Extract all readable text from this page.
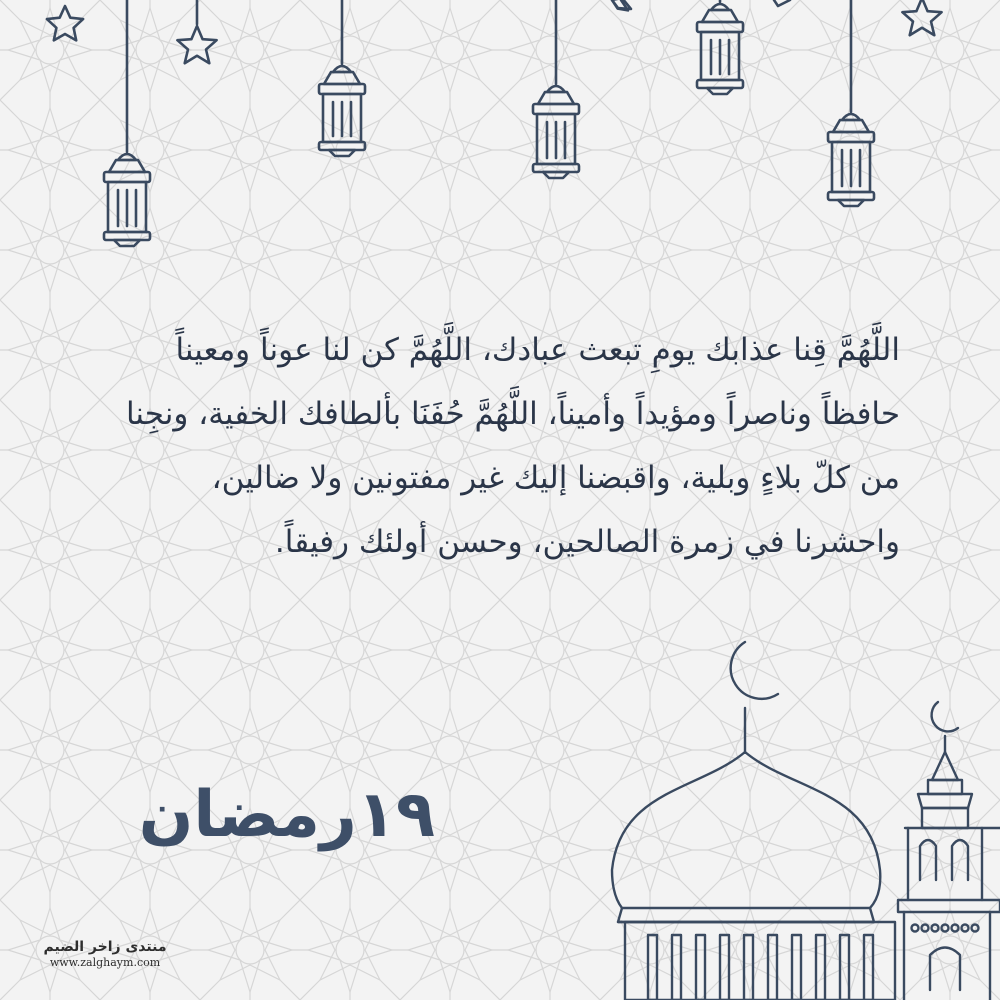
اللَّهُمَّ قِنا عذابك يومِ تبعث عبادك، اللَّهُمَّ كن لنا عوناً ومعيناً حافظاً وناصراً ومؤيداً وأميناً، اللَّهُمَّ حُفَنَا بألطافك الخفية، ونجِنا من كلّ بلاءٍ وبلية، واقبضنا إليك غير مفتونين ولا ضالين، واحشرنا في زمرة الصالحين، وحسن أولئك رفيقاً.
١٩رمضان
منتدى زاخر الضيم
www.zalghaym.com
